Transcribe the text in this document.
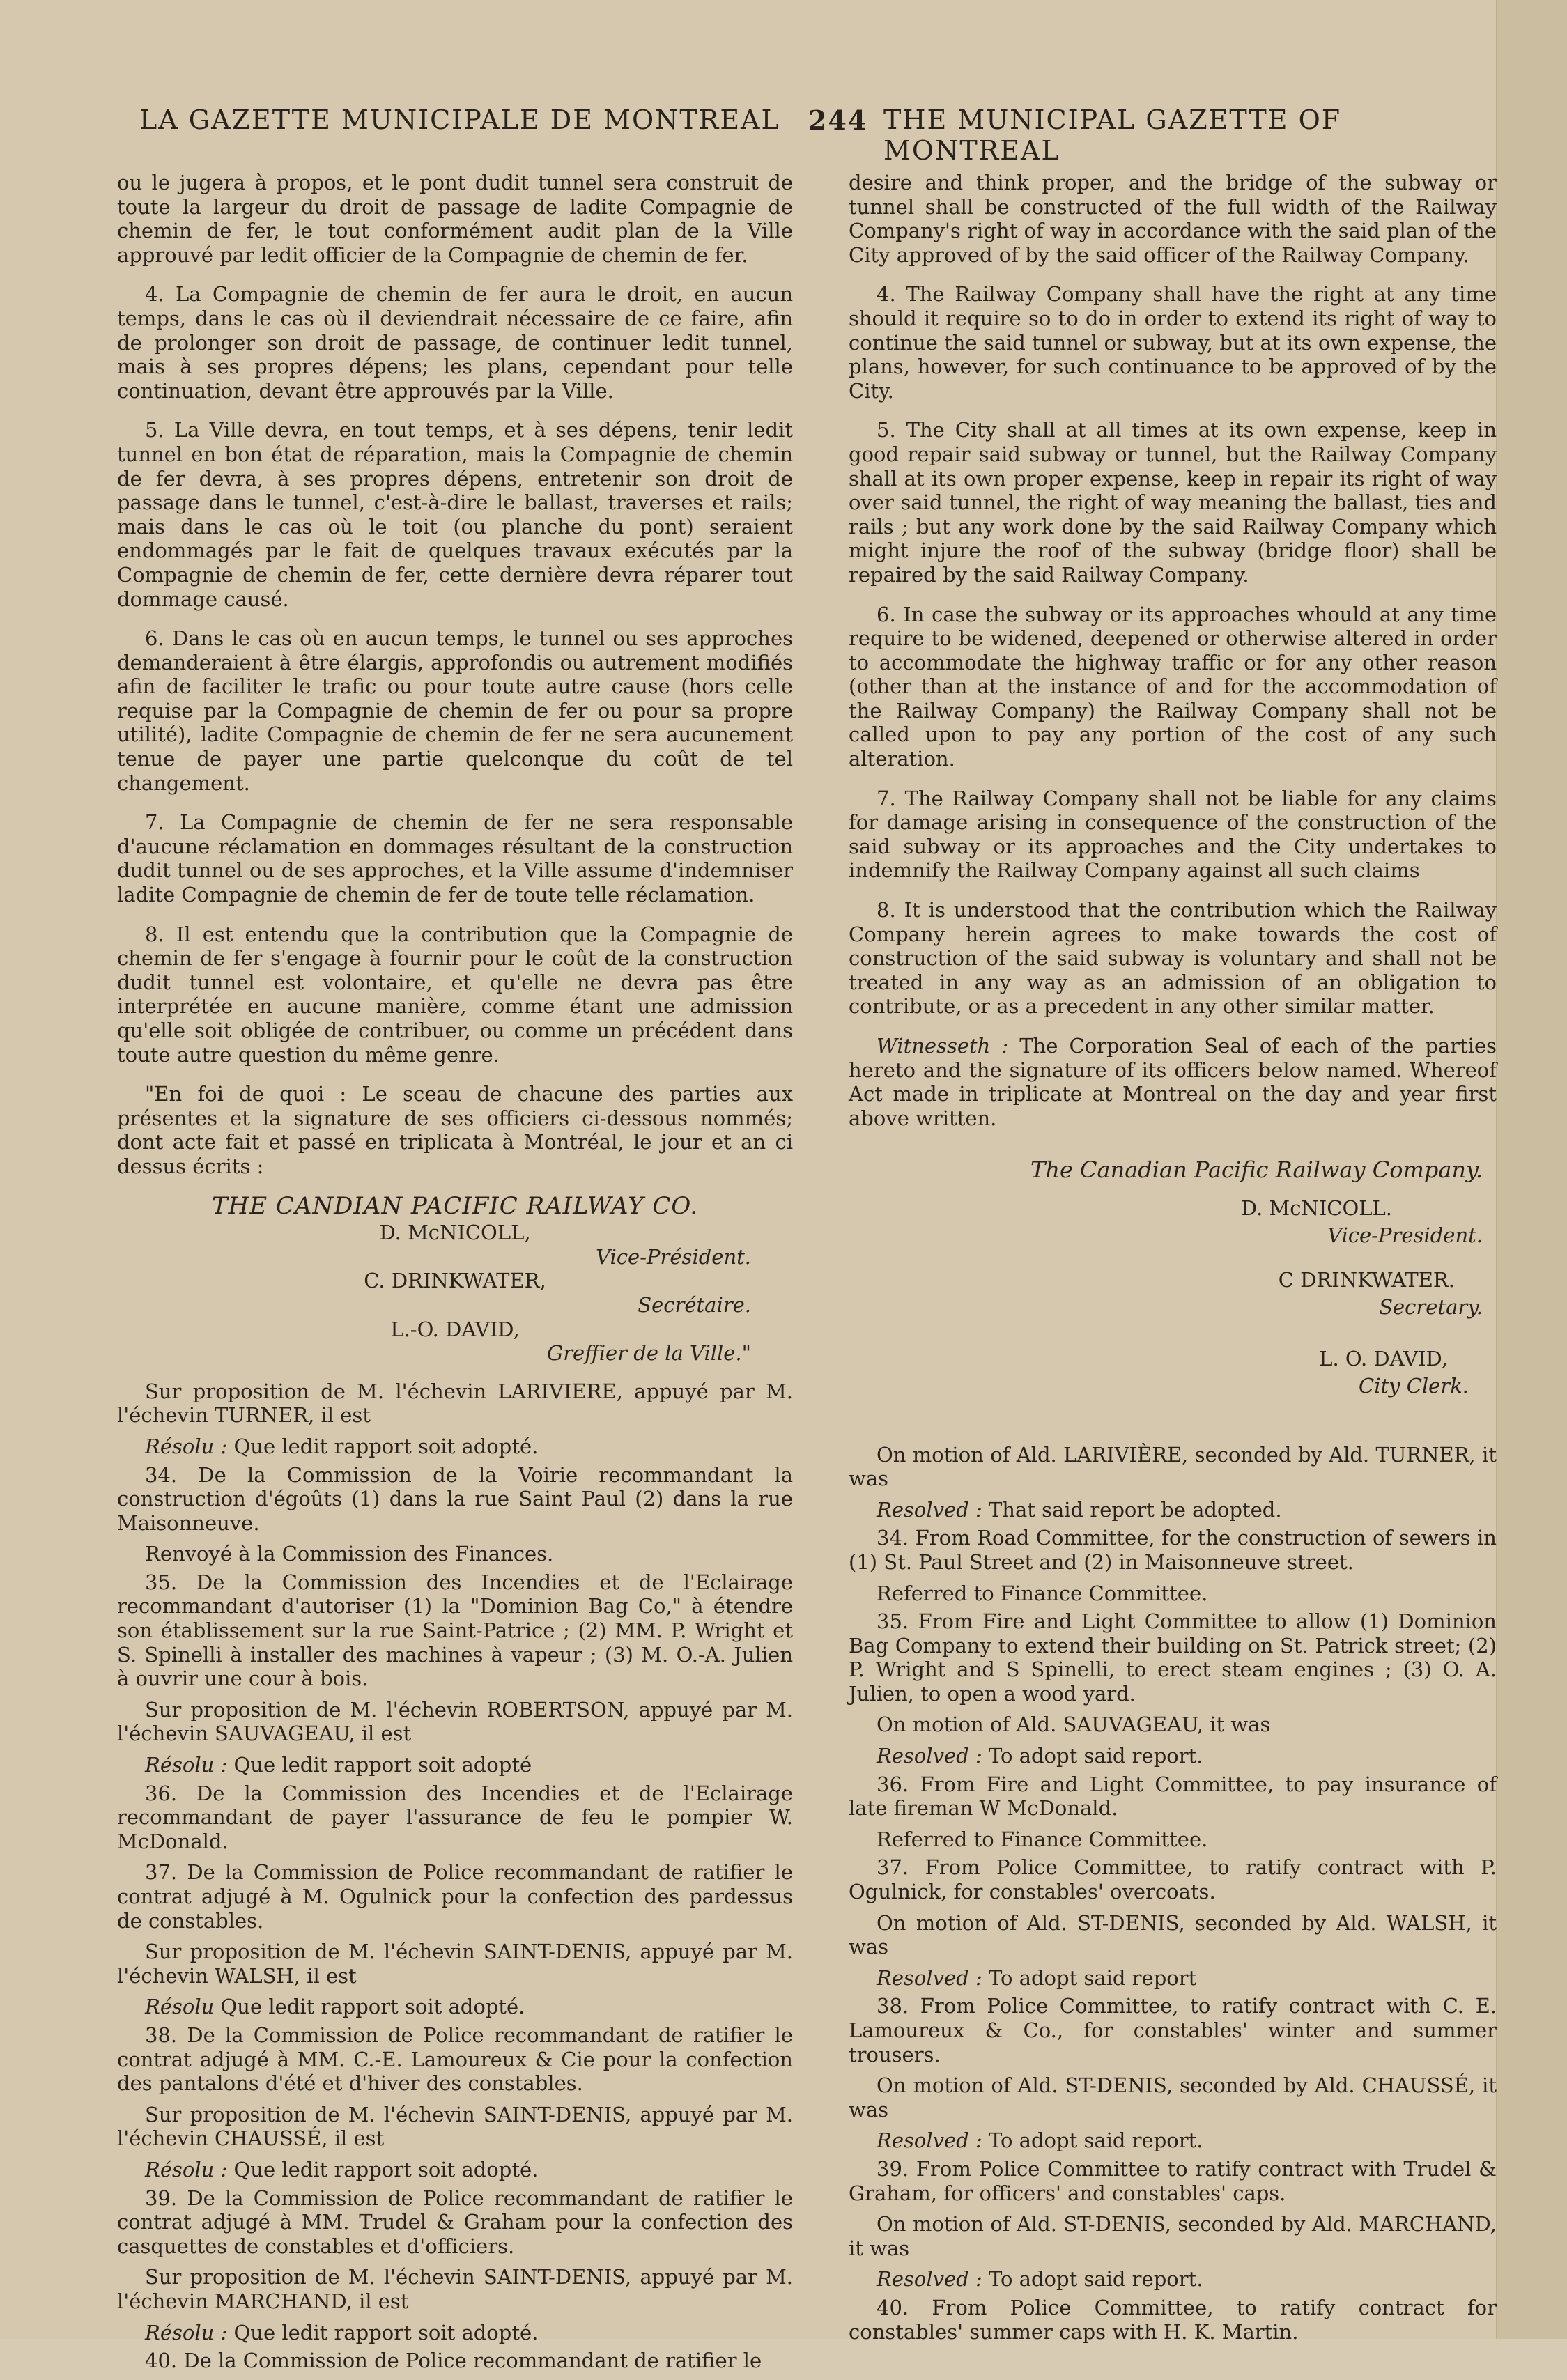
LA GAZETTE MUNICIPALE DE MONTREAL 244 THE MUNICIPAL GAZETTE OF MONTREAL

ou le jugera à propos, et le pont dudit tunnel sera construit de toute la largeur du droit de passage de ladite Compagnie de chemin de fer, le tout conformément audit plan de la Ville approuvé par ledit officier de la Compagnie de chemin de fer.

4. La Compagnie de chemin de fer aura le droit, en aucun temps, dans le cas où il deviendrait nécessaire de ce faire, afin de prolonger son droit de passage, de continuer ledit tunnel, mais à ses propres dépens; les plans, cependant pour telle continuation, devant être approuvés par la Ville.

5. La Ville devra, en tout temps, et à ses dépens, tenir ledit tunnel en bon état de réparation, mais la Compagnie de chemin de fer devra, à ses propres dépens, entretenir son droit de passage dans le tunnel, c'est-à-dire le ballast, traverses et rails; mais dans le cas où le toit (ou planche du pont) seraient endommagés par le fait de quelques travaux exécutés par la Compagnie de chemin de fer, cette dernière devra réparer tout dommage causé.

6. Dans le cas où en aucun temps, le tunnel ou ses approches demanderaient à être élargis, approfondis ou autrement modifiés afin de faciliter le trafic ou pour toute autre cause (hors celle requise par la Compagnie de chemin de fer ou pour sa propre utilité), ladite Compagnie de chemin de fer ne sera aucunement tenue de payer une partie quelconque du coût de tel changement.

7. La Compagnie de chemin de fer ne sera responsable d'aucune réclamation en dommages résultant de la construction dudit tunnel ou de ses approches, et la Ville assume d'indemniser ladite Compagnie de chemin de fer de toute telle réclamation.

8. Il est entendu que la contribution que la Compagnie de chemin de fer s'engage à fournir pour le coût de la construction dudit tunnel est volontaire, et qu'elle ne devra pas être interprétée en aucune manière, comme étant une admission qu'elle soit obligée de contribuer, ou comme un précédent dans toute autre question du même genre.

"En foi de quoi : Le sceau de chacune des parties aux présentes et la signature de ses officiers ci-dessous nommés; dont acte fait et passé en triplicata à Montréal, le jour et an ci dessus écrits :

THE CANDIAN PACIFIC RAILWAY CO.

D. McNICOLL,

Vice-Président.

C. DRINKWATER,

Secrétaire.

L.-O. DAVID,

Greffier de la Ville."

Sur proposition de M. l'échevin LARIVIERE, appuyé par M. l'échevin TURNER, il est

Résolu : Que ledit rapport soit adopté.

34. De la Commission de la Voirie recommandant la construction d'égoûts (1) dans la rue Saint Paul (2) dans la rue Maisonneuve.

Renvoyé à la Commission des Finances.

35. De la Commission des Incendies et de l'Eclairage recommandant d'autoriser (1) la "Dominion Bag Co," à étendre son établissement sur la rue Saint-Patrice ; (2) MM. P. Wright et S. Spinelli à installer des machines à vapeur ; (3) M. O.-A. Julien à ouvrir une cour à bois.

Sur proposition de M. l'échevin ROBERTSON, appuyé par M. l'échevin SAUVAGEAU, il est

Résolu : Que ledit rapport soit adopté

36. De la Commission des Incendies et de l'Eclairage recommandant de payer l'assurance de feu le pompier W. McDonald.

37. De la Commission de Police recommandant de ratifier le contrat adjugé à M. Ogulnick pour la confection des pardessus de constables.

Sur proposition de M. l'échevin SAINT-DENIS, appuyé par M. l'échevin WALSH, il est

Résolu Que ledit rapport soit adopté.

38. De la Commission de Police recommandant de ratifier le contrat adjugé à MM. C.-E. Lamoureux & Cie pour la confection des pantalons d'été et d'hiver des constables.

Sur proposition de M. l'échevin SAINT-DENIS, appuyé par M. l'échevin CHAUSSÉ, il est

Résolu : Que ledit rapport soit adopté.

39. De la Commission de Police recommandant de ratifier le contrat adjugé à MM. Trudel & Graham pour la confection des casquettes de constables et d'officiers.

Sur proposition de M. l'échevin SAINT-DENIS, appuyé par M. l'échevin MARCHAND, il est

Résolu : Que ledit rapport soit adopté.

40. De la Commission de Police recommandant de ratifier le

desire and think proper, and the bridge of the subway or tunnel shall be constructed of the full width of the Railway Company's right of way in accordance with the said plan of the City approved of by the said officer of the Railway Company.

4. The Railway Company shall have the right at any time should it require so to do in order to extend its right of way to continue the said tunnel or subway, but at its own expense, the plans, however, for such continuance to be approved of by the City.

5. The City shall at all times at its own expense, keep in good repair said subway or tunnel, but the Railway Company shall at its own proper expense, keep in repair its right of way over said tunnel, the right of way meaning the ballast, ties and rails ; but any work done by the said Railway Company which might injure the roof of the subway (bridge floor) shall be repaired by the said Railway Company.

6. In case the subway or its approaches whould at any time require to be widened, deepened or otherwise altered in order to accommodate the highway traffic or for any other reason (other than at the instance of and for the accommodation of the Railway Company) the Railway Company shall not be called upon to pay any portion of the cost of any such alteration.

7. The Railway Company shall not be liable for any claims for damage arising in consequence of the construction of the said subway or its approaches and the City undertakes to indemnify the Railway Company against all such claims

8. It is understood that the contribution which the Railway Company herein agrees to make towards the cost of construction of the said subway is voluntary and shall not be treated in any way as an admission of an obligation to contribute, or as a precedent in any other similar matter.

Witnesseth : The Corporation Seal of each of the parties hereto and the signature of its officers below named. Whereof Act made in triplicate at Montreal on the day and year first above written.

The Canadian Pacific Railway Company.

D. McNICOLL.

Vice-President.

C DRINKWATER.

Secretary.

L. O. DAVID,

City Clerk.

On motion of Ald. LARIVIÈRE, seconded by Ald. TURNER, it was

Resolved : That said report be adopted.

34. From Road Committee, for the construction of sewers in (1) St. Paul Street and (2) in Maisonneuve street.

Referred to Finance Committee.

35. From Fire and Light Committee to allow (1) Dominion Bag Company to extend their building on St. Patrick street; (2) P. Wright and S Spinelli, to erect steam engines ; (3) O. A. Julien, to open a wood yard.

On motion of Ald. SAUVAGEAU, it was

Resolved : To adopt said report.

36. From Fire and Light Committee, to pay insurance of late fireman W McDonald.

Referred to Finance Committee.

37. From Police Committee, to ratify contract with P. Ogulnick, for constables' overcoats.

On motion of Ald. ST-DENIS, seconded by Ald. WALSH, it was

Resolved : To adopt said report

38. From Police Committee, to ratify contract with C. E. Lamoureux & Co., for constables' winter and summer trousers.

On motion of Ald. ST-DENIS, seconded by Ald. CHAUSSÉ, it was

Resolved : To adopt said report.

39. From Police Committee to ratify contract with Trudel & Graham, for officers' and constables' caps.

On motion of Ald. ST-DENIS, seconded by Ald. MARCHAND, it was

Resolved : To adopt said report.

40. From Police Committee, to ratify contract for constables' summer caps with H. K. Martin.
